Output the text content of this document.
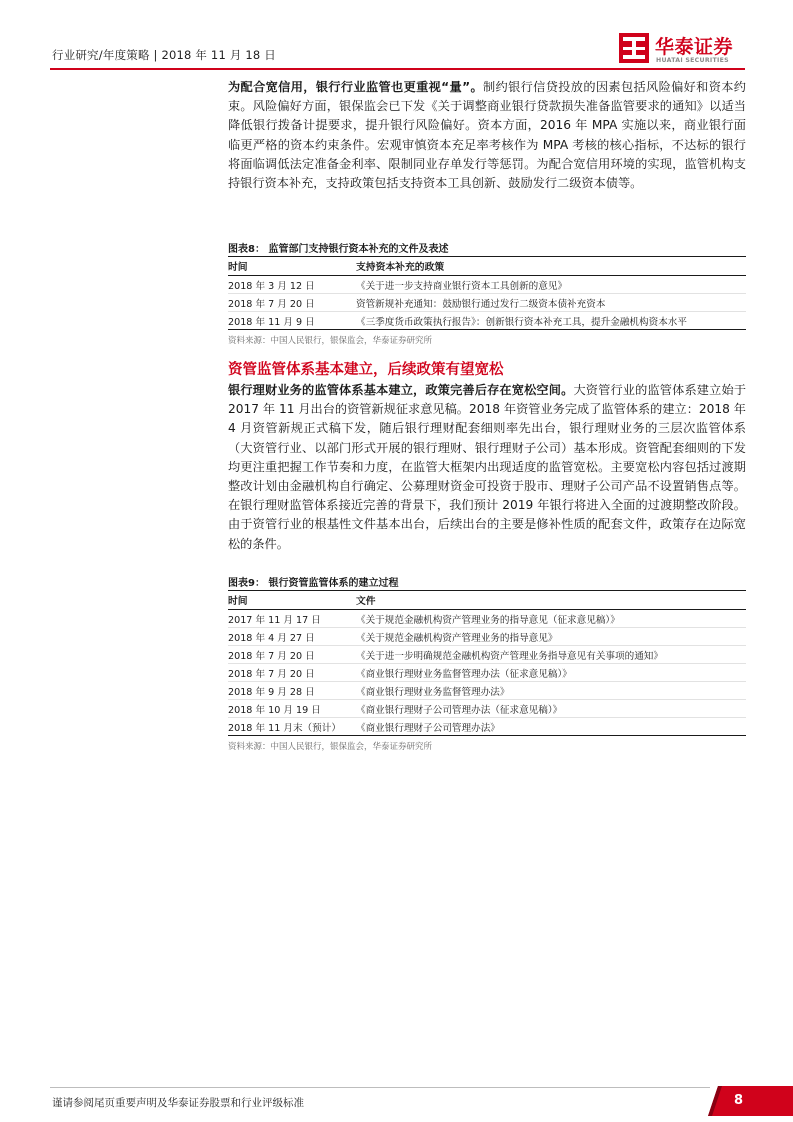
行业研究/年度策略 | 2018 年 11 月 18 日	华泰证券
HUATAI SECURITIES

为配合宽信用，银行行业监管也更重视“量”。制约银行信贷投放的因素包括风险偏好和资本约束。风险偏好方面，银保监会已下发《关于调整商业银行贷款损失准备监管要求的通知》以适当降低银行拨备计提要求，提升银行风险偏好。资本方面，2016 年 MPA 实施以来，商业银行面临更严格的资本约束条件。宏观审慎资本充足率考核作为 MPA 考核的核心指标，不达标的银行将面临调低法定准备金利率、限制同业存单发行等惩罚。为配合宽信用环境的实现，监管机构支持银行资本补充，支持政策包括支持资本工具创新、鼓励发行二级资本债等。

图表8： 监管部门支持银行资本补充的文件及表述
时间	支持资本补充的政策
2018 年 3 月 12 日	《关于进一步支持商业银行资本工具创新的意见》
2018 年 7 月 20 日	资管新规补充通知：鼓励银行通过发行二级资本债补充资本
2018 年 11 月 9 日	《三季度货币政策执行报告》：创新银行资本补充工具，提升金融机构资本水平
资料来源：中国人民银行，银保监会，华泰证券研究所
资管监管体系基本建立，后续政策有望宽松

银行理财业务的监管体系基本建立，政策完善后存在宽松空间。大资管行业的监管体系建立始于 2017 年 11 月出台的资管新规征求意见稿。2018 年资管业务完成了监管体系的建立：2018 年 4 月资管新规正式稿下发，随后银行理财配套细则率先出台，银行理财业务的三层次监管体系（大资管行业、以部门形式开展的银行理财、银行理财子公司）基本形成。资管配套细则的下发均更注重把握工作节奏和力度，在监管大框架内出现适度的监管宽松。主要宽松内容包括过渡期整改计划由金融机构自行确定、公募理财资金可投资于股市、理财子公司产品不设置销售点等。在银行理财监管体系接近完善的背景下，我们预计 2019 年银行将进入全面的过渡期整改阶段。由于资管行业的根基性文件基本出台，后续出台的主要是修补性质的配套文件，政策存在边际宽松的条件。

图表9： 银行资管监管体系的建立过程
时间	文件
2017 年 11 月 17 日	《关于规范金融机构资产管理业务的指导意见（征求意见稿）》
2018 年 4 月 27 日	《关于规范金融机构资产管理业务的指导意见》
2018 年 7 月 20 日	《关于进一步明确规范金融机构资产管理业务指导意见有关事项的通知》
2018 年 7 月 20 日	《商业银行理财业务监督管理办法（征求意见稿）》
2018 年 9 月 28 日	《商业银行理财业务监督管理办法》
2018 年 10 月 19 日	《商业银行理财子公司管理办法（征求意见稿）》
2018 年 11 月末（预计）	《商业银行理财子公司管理办法》
资料来源：中国人民银行，银保监会，华泰证券研究所
谨请参阅尾页重要声明及华泰证券股票和行业评级标准	8
